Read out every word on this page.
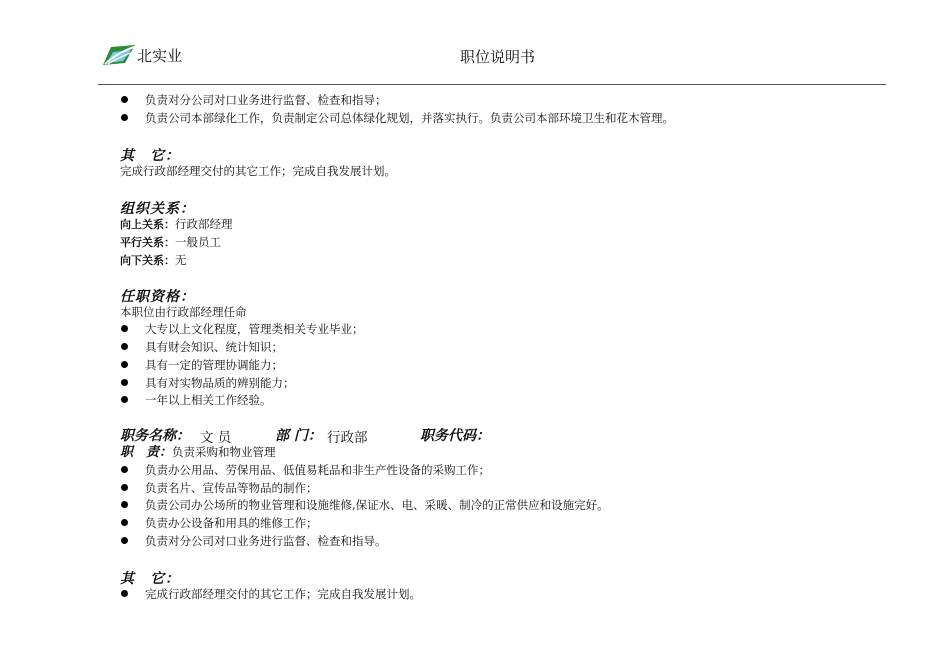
北实业	职位说明书
负责对分公司对口业务进行监督、检查和指导；
负责公司本部绿化工作，负责制定公司总体绿化规划，并落实执行。负责公司本部环境卫生和花木管理。
其　它：
完成行政部经理交付的其它工作；完成自我发展计划。
组织关系：
向上关系：行政部经理
平行关系：一般员工
向下关系：无
任职资格：
本职位由行政部经理任命
大专以上文化程度，管理类相关专业毕业；
具有财会知识、统计知识；
具有一定的管理协调能力；
具有对实物品质的辨别能力；
一年以上相关工作经验。
职务名称： 文 员	部 门： 行政部	职务代码：
职　责：负责采购和物业管理
负责办公用品、劳保用品、低值易耗品和非生产性设备的采购工作；
负责名片、宣传品等物品的制作；
负责公司办公场所的物业管理和设施维修,保证水、电、采暖、制冷的正常供应和设施完好。
负责办公设备和用具的维修工作；
负责对分公司对口业务进行监督、检查和指导。
其　它：
完成行政部经理交付的其它工作；完成自我发展计划。
